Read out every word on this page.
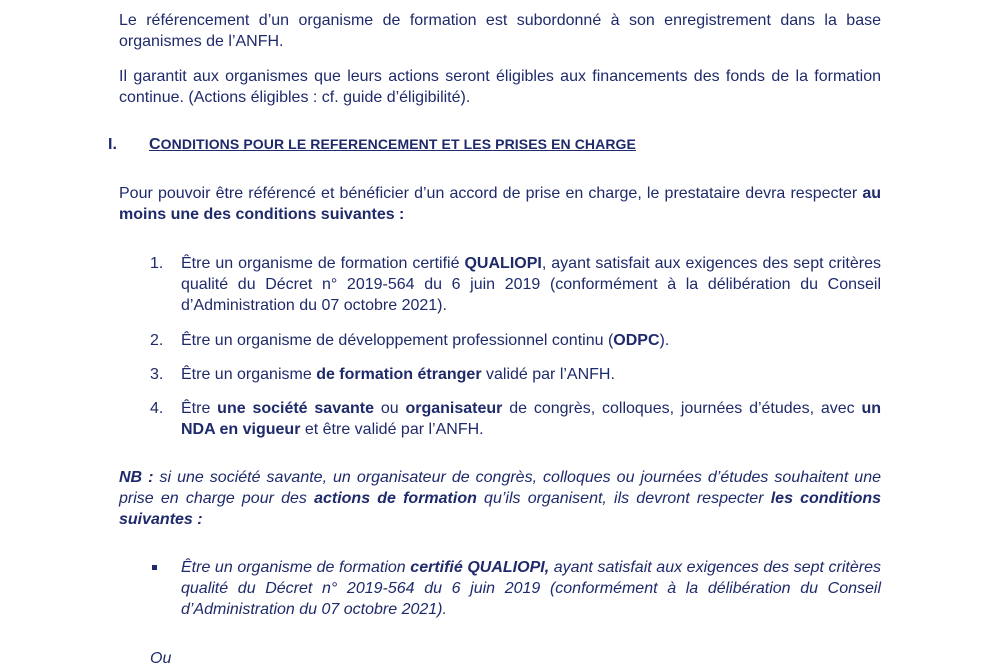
Le référencement d’un organisme de formation est subordonné à son enregistrement dans la base organismes de l’ANFH.

Il garantit aux organismes que leurs actions seront éligibles aux financements des fonds de la formation continue. (Actions éligibles : cf. guide d’éligibilité).

I. CONDITIONS POUR LE REFERENCEMENT ET LES PRISES EN CHARGE

Pour pouvoir être référencé et bénéficier d’un accord de prise en charge, le prestataire devra respecter au moins une des conditions suivantes :

1.	Être un organisme de formation certifié QUALIOPI, ayant satisfait aux exigences des sept critères qualité du Décret n° 2019-564 du 6 juin 2019 (conformément à la délibération du Conseil d’Administration du 07 octobre 2021).

2.	Être un organisme de développement professionnel continu (ODPC).

3.	Être un organisme de formation étranger validé par l’ANFH.

4.	Être une société savante ou organisateur de congrès, colloques, journées d’études, avec un NDA en vigueur et être validé par l’ANFH.

NB : si une société savante, un organisateur de congrès, colloques ou journées d’études souhaitent une prise en charge pour des actions de formation qu’ils organisent, ils devront respecter les conditions suivantes :

Être un organisme de formation certifié QUALIOPI, ayant satisfait aux exigences des sept critères qualité du Décret n° 2019-564 du 6 juin 2019 (conformément à la délibération du Conseil d’Administration du 07 octobre 2021).

Ou
